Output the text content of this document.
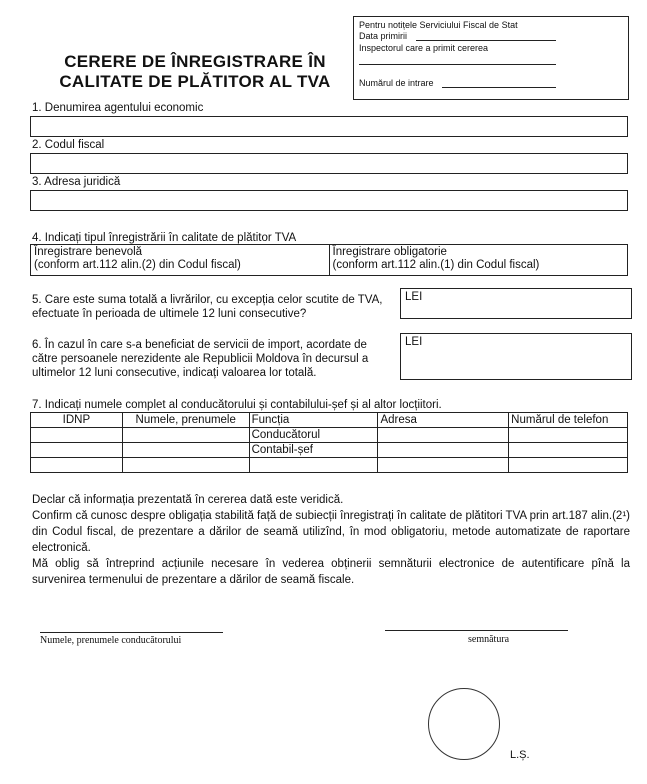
CERERE DE ÎNREGISTRARE ÎN
CALITATE DE PLĂTITOR AL TVA
Pentru notițele Serviciului Fiscal de Stat
Data primirii
Inspectorul care a primit cererea
Numărul de intrare
1. Denumirea agentului economic
2. Codul fiscal
3. Adresa juridică
4. Indicați tipul înregistrării în calitate de plătitor TVA
Înregistrare benevolă
(conform art.112 alin.(2) din Codul fiscal)
Înregistrare obligatorie
(conform art.112 alin.(1) din Codul fiscal)
5. Care este suma totală a livrărilor, cu excepția celor scutite de TVA,
efectuate în perioada de ultimele 12 luni consecutive?
LEI
6. În cazul în care s-a beneficiat de servicii de import, acordate de
către persoanele nerezidente ale Republicii Moldova în decursul a
ultimelor 12 luni consecutive, indicați valoarea lor totală.
LEI
7. Indicați numele complet al conducătorului și contabilului-șef și al altor locțiitori.
IDNP	Numele, prenumele	Funcția	Adresa	Numărul de telefon
		Conducătorul		
		Contabil-șef		

Declar că informația prezentată în cererea dată este veridică.

Confirm că cunosc despre obligația stabilită față de subiecții înregistrați în calitate de plătitori TVA prin art.187 alin.(2¹) din Codul fiscal, de prezentare a dărilor de seamă utilizînd, în mod obligatoriu, metode automatizate de raportare electronică.

Mă oblig să întreprind acțiunile necesare în vederea obținerii semnăturii electronice de autentificare pînă la survenirea termenului de prezentare a dărilor de seamă fiscale.

Numele, prenumele conducătorului	semnătura
L.Ș.
